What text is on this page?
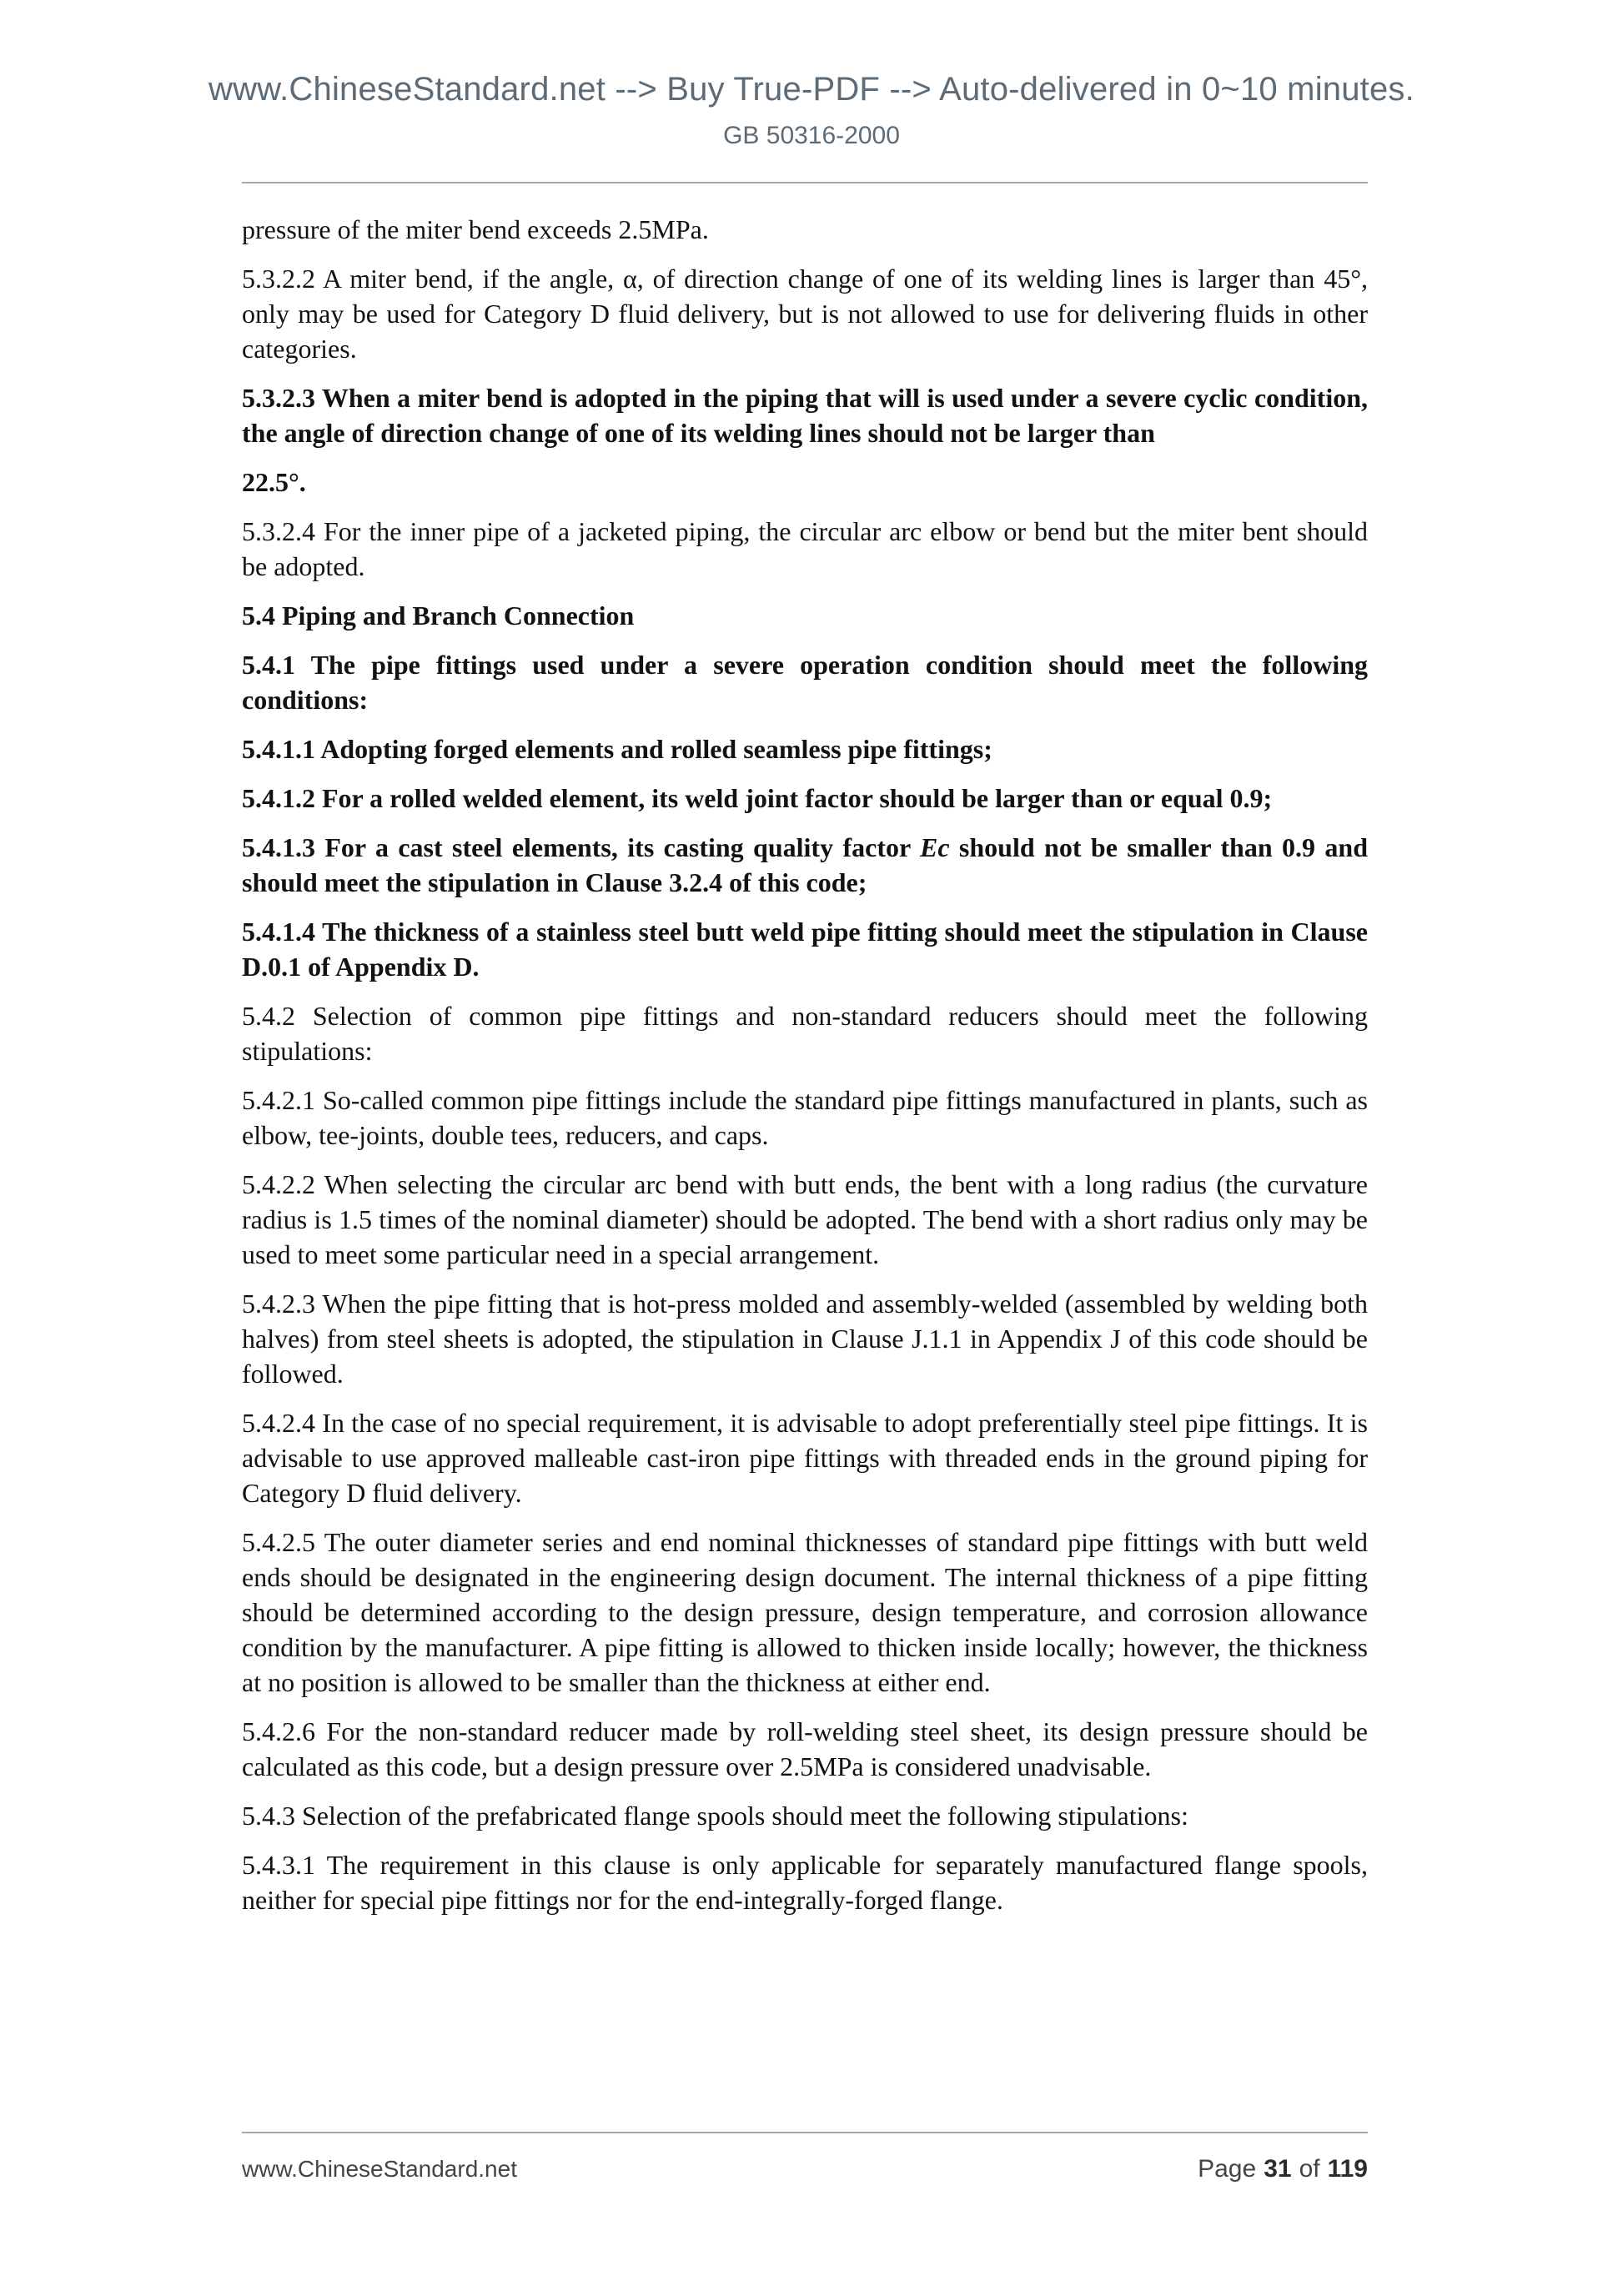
www.ChineseStandard.net --> Buy True-PDF --> Auto-delivered in 0~10 minutes.
GB 50316-2000

pressure of the miter bend exceeds 2.5MPa.

5.3.2.2 A miter bend, if the angle, α, of direction change of one of its welding lines is larger than 45°, only may be used for Category D fluid delivery, but is not allowed to use for delivering fluids in other categories.

5.3.2.3 When a miter bend is adopted in the piping that will is used under a severe cyclic condition, the angle of direction change of one of its welding lines should not be larger than

22.5°.

5.3.2.4 For the inner pipe of a jacketed piping, the circular arc elbow or bend but the miter bent should be adopted.

5.4 Piping and Branch Connection

5.4.1 The pipe fittings used under a severe operation condition should meet the following conditions:

5.4.1.1 Adopting forged elements and rolled seamless pipe fittings;

5.4.1.2 For a rolled welded element, its weld joint factor should be larger than or equal 0.9;

5.4.1.3 For a cast steel elements, its casting quality factor Ec should not be smaller than 0.9 and should meet the stipulation in Clause 3.2.4 of this code;

5.4.1.4 The thickness of a stainless steel butt weld pipe fitting should meet the stipulation in Clause D.0.1 of Appendix D.

5.4.2 Selection of common pipe fittings and non-standard reducers should meet the following stipulations:

5.4.2.1 So-called common pipe fittings include the standard pipe fittings manufactured in plants, such as elbow, tee-joints, double tees, reducers, and caps.

5.4.2.2 When selecting the circular arc bend with butt ends, the bent with a long radius (the curvature radius is 1.5 times of the nominal diameter) should be adopted. The bend with a short radius only may be used to meet some particular need in a special arrangement.

5.4.2.3 When the pipe fitting that is hot-press molded and assembly-welded (assembled by welding both halves) from steel sheets is adopted, the stipulation in Clause J.1.1 in Appendix J of this code should be followed.

5.4.2.4 In the case of no special requirement, it is advisable to adopt preferentially steel pipe fittings. It is advisable to use approved malleable cast-iron pipe fittings with threaded ends in the ground piping for Category D fluid delivery.

5.4.2.5 The outer diameter series and end nominal thicknesses of standard pipe fittings with butt weld ends should be designated in the engineering design document. The internal thickness of a pipe fitting should be determined according to the design pressure, design temperature, and corrosion allowance condition by the manufacturer. A pipe fitting is allowed to thicken inside locally; however, the thickness at no position is allowed to be smaller than the thickness at either end.

5.4.2.6 For the non-standard reducer made by roll-welding steel sheet, its design pressure should be calculated as this code, but a design pressure over 2.5MPa is considered unadvisable.

5.4.3 Selection of the prefabricated flange spools should meet the following stipulations:

5.4.3.1 The requirement in this clause is only applicable for separately manufactured flange spools, neither for special pipe fittings nor for the end-integrally-forged flange.

www.ChineseStandard.net	Page 31 of 119
